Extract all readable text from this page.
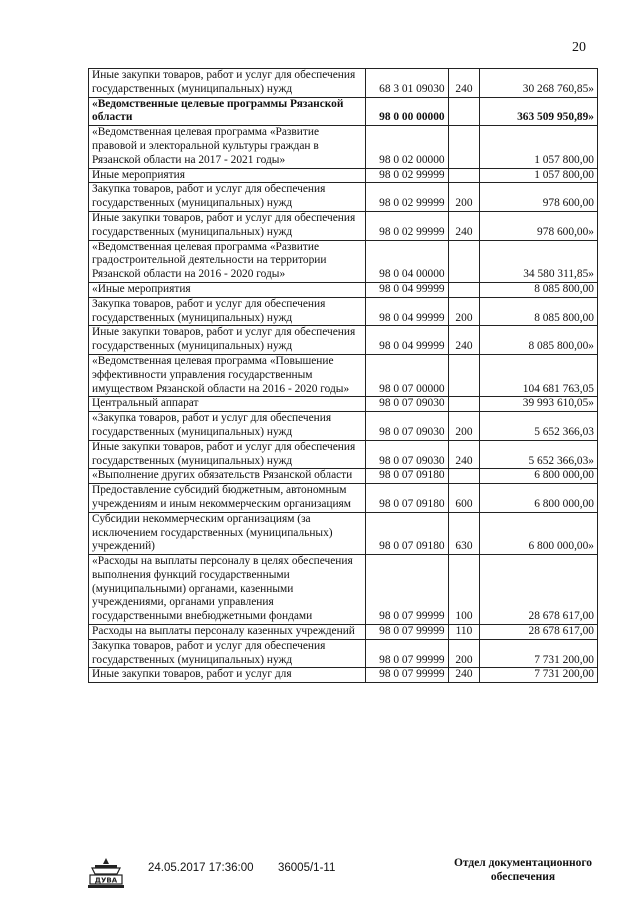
20
Иные закупки товаров, работ и услуг для обеспечения государственных (муниципальных) нужд	68 3 01 09030	240	30 268 760,85»
«Ведомственные целевые программы Рязанской области	98 0 00 00000		363 509 950,89»
«Ведомственная целевая программа «Развитие правовой и электоральной культуры граждан в Рязанской области на 2017 - 2021 годы»	98 0 02 00000		1 057 800,00
Иные мероприятия	98 0 02 99999		1 057 800,00
Закупка товаров, работ и услуг для обеспечения государственных (муниципальных) нужд	98 0 02 99999	200	978 600,00
Иные закупки товаров, работ и услуг для обеспечения государственных (муниципальных) нужд	98 0 02 99999	240	978 600,00»
«Ведомственная целевая программа «Развитие градостроительной деятельности на территории Рязанской области на 2016 - 2020 годы»	98 0 04 00000		34 580 311,85»
«Иные мероприятия	98 0 04 99999		8 085 800,00
Закупка товаров, работ и услуг для обеспечения государственных (муниципальных) нужд	98 0 04 99999	200	8 085 800,00
Иные закупки товаров, работ и услуг для обеспечения государственных (муниципальных) нужд	98 0 04 99999	240	8 085 800,00»
«Ведомственная целевая программа «Повышение эффективности управления государственным имуществом Рязанской области на 2016 - 2020 годы»	98 0 07 00000		104 681 763,05
Центральный аппарат	98 0 07 09030		39 993 610,05»
«Закупка товаров, работ и услуг для обеспечения государственных (муниципальных) нужд	98 0 07 09030	200	5 652 366,03
Иные закупки товаров, работ и услуг для обеспечения государственных (муниципальных) нужд	98 0 07 09030	240	5 652 366,03»
«Выполнение других обязательств Рязанской области	98 0 07 09180		6 800 000,00
Предоставление субсидий бюджетным, автономным учреждениям и иным некоммерческим организациям	98 0 07 09180	600	6 800 000,00
Субсидии некоммерческим организациям (за исключением государственных (муниципальных) учреждений)	98 0 07 09180	630	6 800 000,00»
«Расходы на выплаты персоналу в целях обеспечения выполнения функций государственными (муниципальными) органами, казенными учреждениями, органами управления государственными внебюджетными фондами	98 0 07 99999	100	28 678 617,00
Расходы на выплаты персоналу казенных учреждений	98 0 07 99999	110	28 678 617,00
Закупка товаров, работ и услуг для обеспечения государственных (муниципальных) нужд	98 0 07 99999	200	7 731 200,00
Иные закупки товаров, работ и услуг для	98 0 07 99999	240	7 731 200,00
ДУВА
24.05.2017 17:36:00 36005/1-11	Отдел документационного
обеспечения
